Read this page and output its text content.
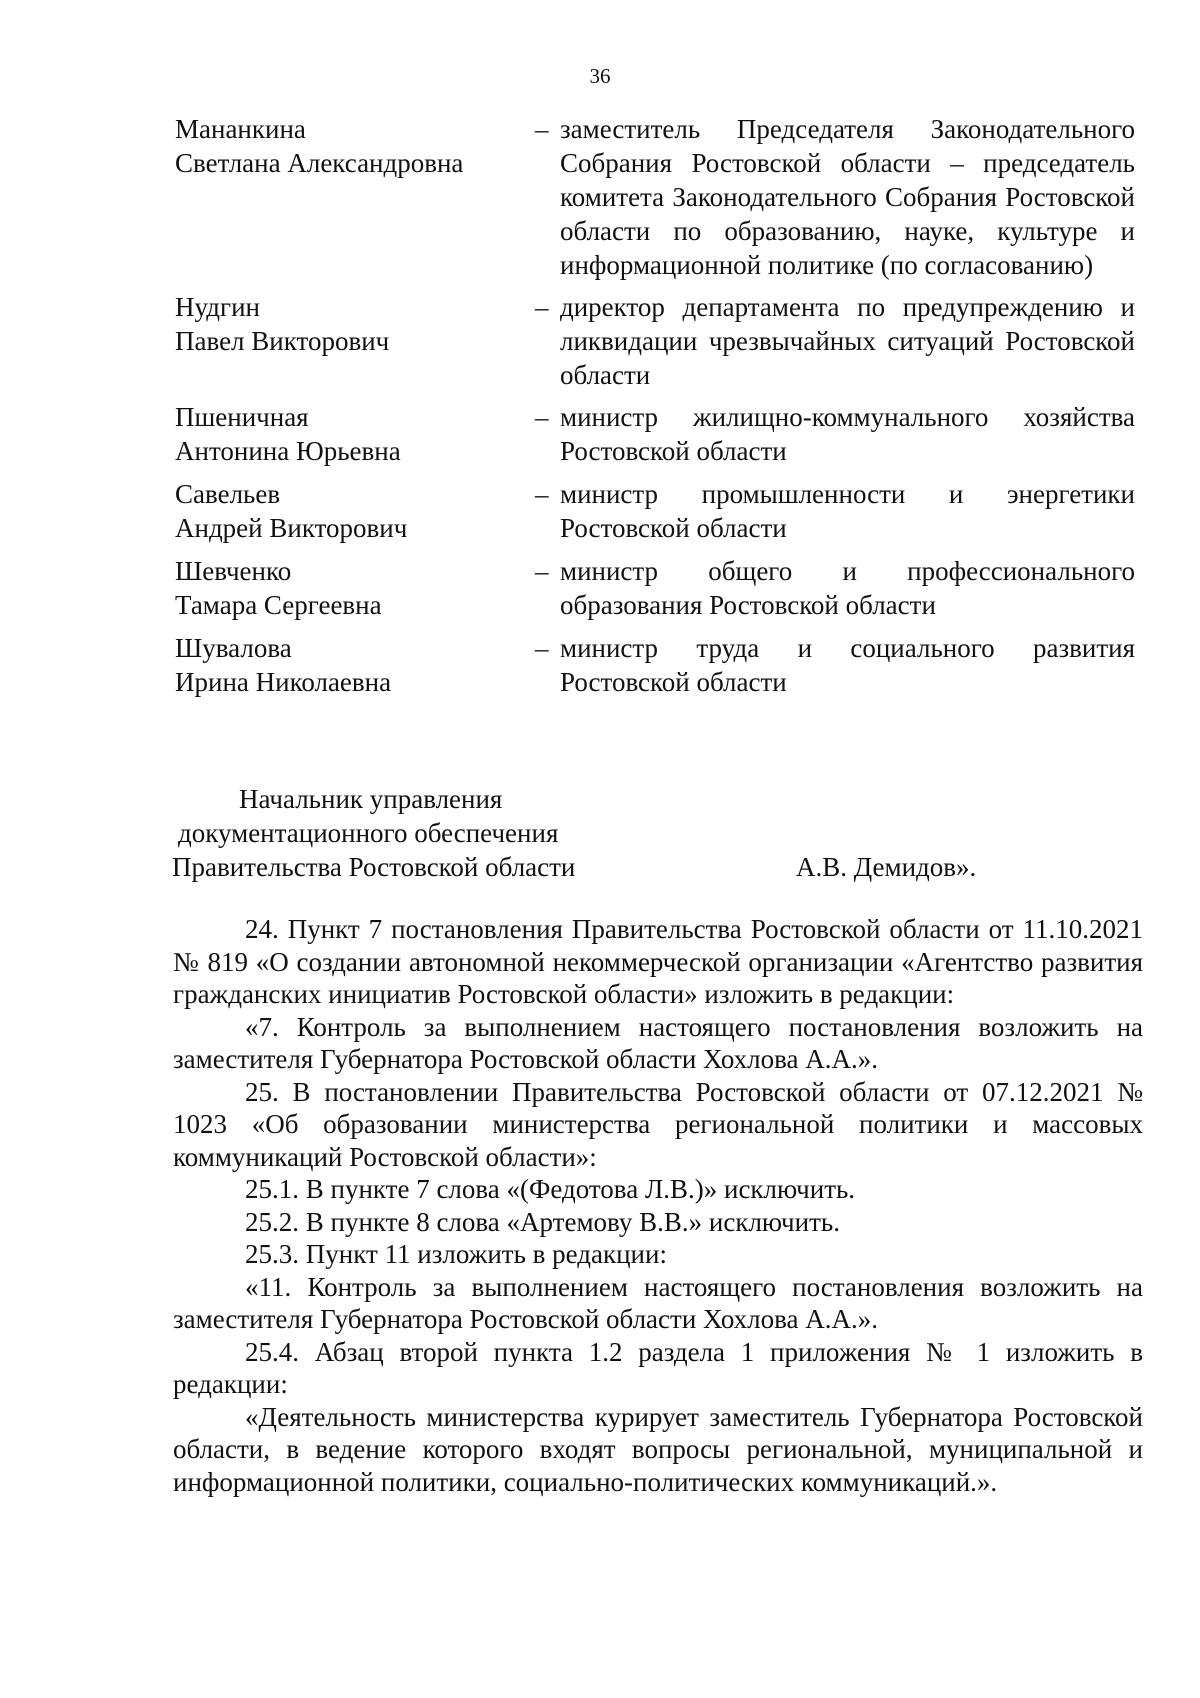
36
Мананкина
Светлана Александровна
– заместитель Председателя Законодательного Собрания Ростовской области – председатель комитета Законодательного Собрания Ростовской области по образованию, науке, культуре и информационной политике (по согласованию)
Нудгин
Павел Викторович
– директор департамента по предупреждению и ликвидации чрезвычайных ситуаций Ростовской области
Пшеничная
Антонина Юрьевна
– министр жилищно-коммунального хозяйства Ростовской области
Савельев
Андрей Викторович
– министр промышленности и энергетики Ростовской области
Шевченко
Тамара Сергеевна
– министр общего и профессионального образования Ростовской области
Шувалова
Ирина Николаевна
– министр труда и социального развития Ростовской области
Начальник управления
документационного обеспечения
Правительства Ростовской области	А.В. Демидов».

24. Пункт 7 постановления Правительства Ростовской области от 11.10.2021 № 819 «О создании автономной некоммерческой организации «Агентство развития гражданских инициатив Ростовской области» изложить в редакции:

«7. Контроль за выполнением настоящего постановления возложить на заместителя Губернатора Ростовской области Хохлова А.А.».

25. В постановлении Правительства Ростовской области от 07.12.2021 № 1023 «Об образовании министерства региональной политики и массовых коммуникаций Ростовской области»:

25.1. В пункте 7 слова «(Федотова Л.В.)» исключить.

25.2. В пункте 8 слова «Артемову В.В.» исключить.

25.3. Пункт 11 изложить в редакции:

«11. Контроль за выполнением настоящего постановления возложить на заместителя Губернатора Ростовской области Хохлова А.А.».

25.4. Абзац второй пункта 1.2 раздела 1 приложения № 1 изложить в редакции:

«Деятельность министерства курирует заместитель Губернатора Ростовской области, в ведение которого входят вопросы региональной, муниципальной и информационной политики, социально-политических коммуникаций.».
